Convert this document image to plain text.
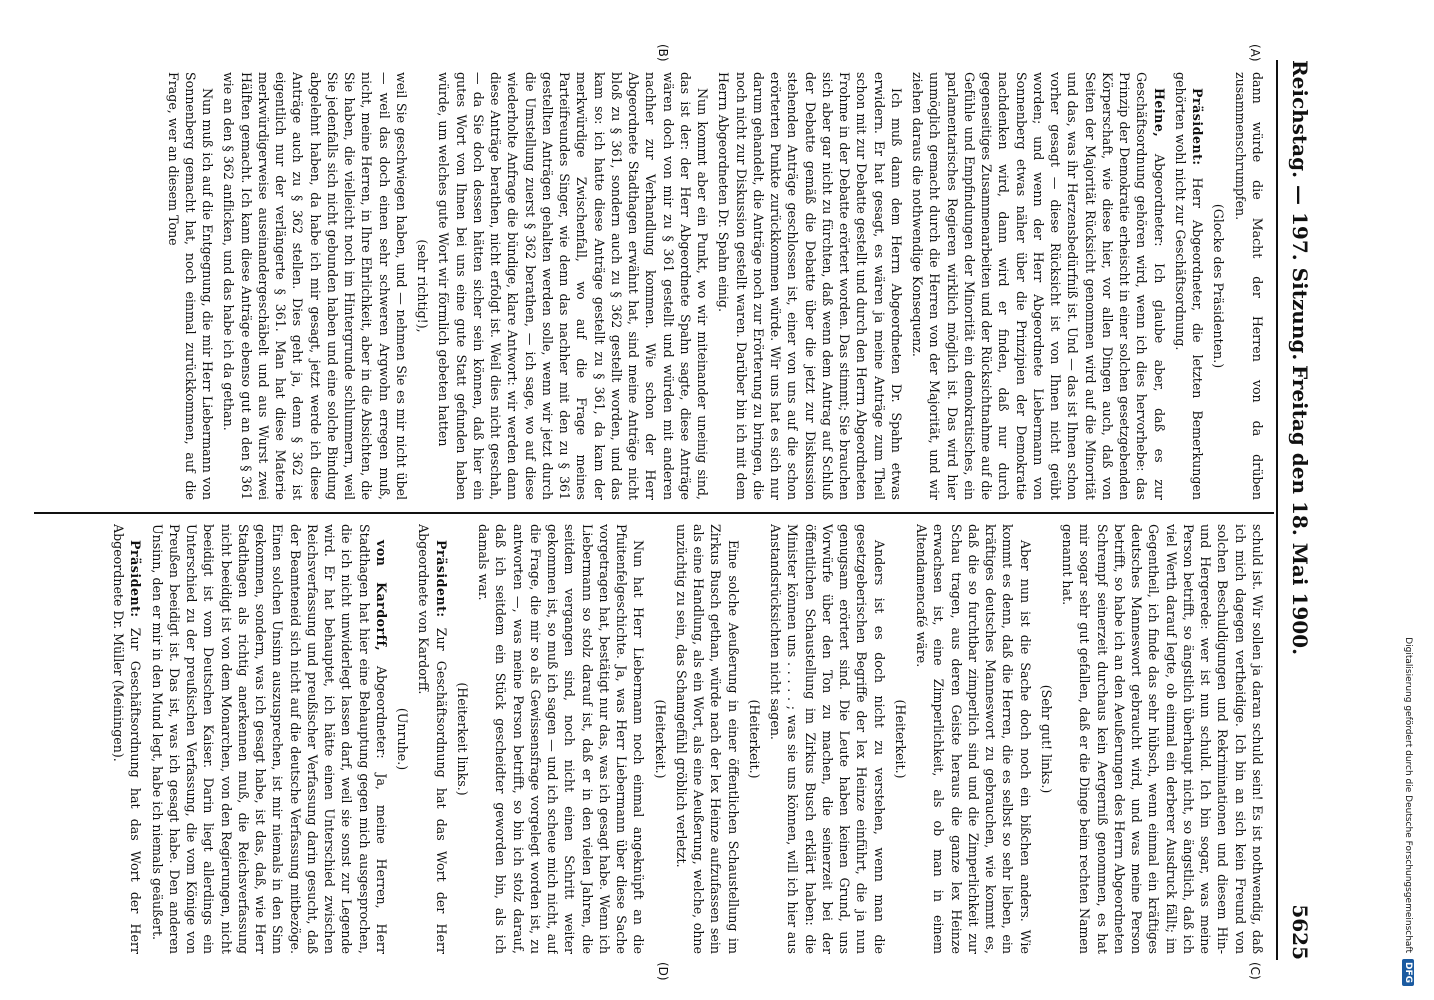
Reichstag. — 197. Sitzung.
Freitag den 18. Mai 1900.
5625
(A)
(B)
(C)
(D)

dann würde die Macht der Herren von da drüben zusammenschrumpfen.

(Glocke des Präsidenten.)

Präsident: Herr Abgeordneter, die letzten Bemerkungen gehörten wohl nicht zur Geschäftsordnung.

Heine, Abgeordneter: Ich glaube aber, daß es zur Geschäftsordnung gehören wird, wenn ich dies hervorhebe: das Prinzip der Demokratie erheischt in einer solchen gesetzgebenden Körperschaft, wie diese hier, vor allen Dingen auch, daß von Seiten der Majorität Rücksicht genommen wird auf die Minorität und das, was ihr Herzensbedürfniß ist. Und — das ist Ihnen schon vorher gesagt — diese Rücksicht ist von Ihnen nicht geübt worden; und wenn der Herr Abgeordnete Liebermann von Sonnenberg etwas näher über die Prinzipien der Demokratie nachdenken wird, dann wird er finden, daß nur durch gegenseitiges Zusammenarbeiten und der Rücksichtnahme auf die Gefühle und Empfindungen der Minorität ein demokratisches, ein parlamentarisches Regieren wirklich möglich ist. Das wird hier unmöglich gemacht durch die Herren von der Majorität, und wir ziehen daraus die nothwendige Konsequenz.

Ich muß dann dem Herrn Abgeordneten Dr. Spahn etwas erwidern. Er hat gesagt, es wären ja meine Anträge zum Theil schon mit zur Debatte gestellt und durch den Herrn Abgeordneten Frohme in der Debatte erörtert worden. Das stimmt; Sie brauchen sich aber gar nicht zu fürchten, daß wenn dem Antrag auf Schluß der Debatte gemäß die Debatte über die jetzt zur Diskussion stehenden Anträge geschlossen ist, einer von uns auf die schon erörterten Punkte zurückkommen würde. Wir uns hat es sich nur darum gehandelt, die Anträge noch zur Erörterung zu bringen, die noch nicht zur Diskussion gestellt waren. Darüber bin ich mit dem Herrn Abgeordneten Dr. Spahn einig.

Nun kommt aber ein Punkt, wo wir miteinander uneinig sind, das ist der: der Herr Abgeordnete Spahn sagte, diese Anträge wären doch von mir zu § 361 gestellt und würden mit anderen nachher zur Verhandlung kommen. Wie schon der Herr Abgeordnete Stadthagen erwähnt hat, sind meine Anträge nicht bloß zu § 361, sondern auch zu § 362 gestellt worden, und das kam so: ich hatte diese Anträge gestellt zu § 361, da kam der merkwürdige Zwischenfall, wo auf die Frage meines Parteifreundes Singer, wie denn das nachher mit den zu § 361 gestellten Anträgen gehalten werden solle, wenn wir jetzt durch die Umstellung zuerst § 362 berathen, — ich sage, wo auf diese wiederholte Anfrage die bündige, klare Antwort: wir werden dann diese Anträge berathen, nicht erfolgt ist. Weil dies nicht geschah, — da Sie doch dessen hätten sicher sein können, daß hier ein gutes Wort von Ihnen bei uns eine gute Statt gefunden haben würde, um welches gute Wort wir förmlich gebeten hatten

(sehr richtig!),

weil Sie geschwiegen haben, und — nehmen Sie es mir nicht übel — weil das doch einen sehr schweren Argwohn erregen muß, nicht, meine Herren, in Ihre Ehrlichkeit, aber in die Absichten, die Sie haben, die vielleicht noch im Hintergrunde schlummern, weil Sie jedenfalls sich nicht gebunden haben und eine solche Bindung abgelehnt haben, da habe ich mir gesagt, jetzt werde ich diese Anträge auch zu § 362 stellen. Dies geht ja, denn § 362 ist eigentlich nur der verlängerte § 361. Man hat diese Materie merkwürdigerweise auseinandergeschäbelt und aus Wurst zwei Hälften gemacht. Ich kann diese Anträge ebenso gut an den § 361 wie an den § 362 anflicken, und das habe ich da gethan.

Nun muß ich auf die Entgegnung, die mir Herr Liebermann von Sonnenberg gemacht hat, noch einmal zurückkommen, auf die Frage, wer an diesem Tone

schuld ist. Wir sollen ja daran schuld sein! Es ist nothwendig, daß ich mich dagegen vertheidige. Ich bin an sich kein Freund von solchen Beschuldigungen und Rekriminationen und diesem Hin- und Hergerede: wer ist nun schuld. Ich bin sogar, was meine Person betrifft, so ängstlich überhaupt nicht, so ängstlich, daß ich viel Werth darauf legte, ob einmal ein derberer Ausdruck fällt; im Gegentheil, ich finde das sehr hübsch, wenn einmal ein kräftiges deutsches Manneswort gebraucht wird, und was meine Person betrifft, so habe ich an den Aeußerungen des Herrn Abgeordneten Schrempf seinerzeit durchaus kein Aergerniß genommen, es hat mir sogar sehr gut gefallen, daß er die Dinge beim rechten Namen genannt hat.

(Sehr gut! links.)

Aber nun ist die Sache doch noch ein bißchen anders. Wie kommt es denn, daß die Herren, die es selbst so sehr lieben, ein kräftiges deutsches Manneswort zu gebrauchen, wie kommt es, daß die so furchtbar zimperlich sind und die Zimperlichkeit zur Schau tragen, aus deren Geiste heraus die ganze lex Heinze erwachsen ist, eine Zimperlichkeit, als ob man in einem Altendamencafé wäre.

(Heiterkeit.)

Anders ist es doch nicht zu verstehen, wenn man die gesetzgeberischen Begriffe der lex Heinze einführt, die ja nun genugsam erörtert sind. Die Leute haben keinen Grund, uns Vorwürfe über den Ton zu machen, die seinerzeit bei der öffentlichen Schaustellung im Zirkus Busch erklärt haben: die Minister können uns . . . . . ; was sie uns können, will ich hier aus Anstandsrücksichten nicht sagen.

(Heiterkeit.)

Eine solche Aeußerung in einer öffentlichen Schaustellung im Zirkus Busch gethan, würde nach der lex Heinze aufzufassen sein als eine Handlung, als ein Wort, als eine Aeußerung, welche, ohne unzüchtig zu sein, das Schamgefühl gröblich verletzt.

(Heiterkeit.)

Nun hat Herr Liebermann noch einmal angeknüpft an die Pfuitenfelgeschichte. Ja, was Herr Liebermann über diese Sache vorgetragen hat, bestätigt nur das, was ich gesagt habe. Wenn ich Liebermann so stolz darauf ist, daß er in den vielen Jahren, die seitdem vergangen sind, noch nicht einen Schritt weiter gekommen ist, so muß ich sagen — und ich scheue mich nicht, auf die Frage, die mir so als Gewissensfrage vorgelegt worden ist, zu antworten —, was meine Person betrifft, so bin ich stolz darauf, daß ich seitdem ein Stück gescheidter geworden bin, als ich damals war.

(Heiterkeit links.)

Präsident: Zur Geschäftsordnung hat das Wort der Herr Abgeordnete von Kardorff.

(Unruhe.)

von Kardorff, Abgeordneter: Ja, meine Herren, Herr Stadthagen hat hier eine Behauptung gegen mich ausgesprochen, die ich nicht unwiderlegt lassen darf, weil sie sonst zur Legende wird. Er hat behauptet, ich hätte einen Unterschied zwischen Reichsverfassung und preußischer Verfassung darin gesucht, daß der Beamteneid sich nicht auf die deutsche Verfassung mitbezöge. Einen solchen Unsinn auszusprechen, ist mir niemals in den Sinn gekommen, sondern, was ich gesagt habe, ist das, daß, wie Herr Stadthagen als richtig anerkennen muß, die Reichsverfassung nicht beeidigt ist von dem Monarchen, von den Regierungen, nicht beeidigt ist vom Deutschen Kaiser. Darin liegt allerdings ein Unterschied zu der preußischen Verfassung, die vom Könige von Preußen beeidigt ist. Das ist, was ich gesagt habe. Den anderen Unsinn, den er mir in den Mund legt, habe ich niemals geäußert.

Präsident: Zur Geschäftsordnung hat das Wort der Herr Abgeordnete Dr. Müller (Meiningen).	Digitalisierung gefördert durch die Deutsche Forschungsgemeinschaft
DFG
